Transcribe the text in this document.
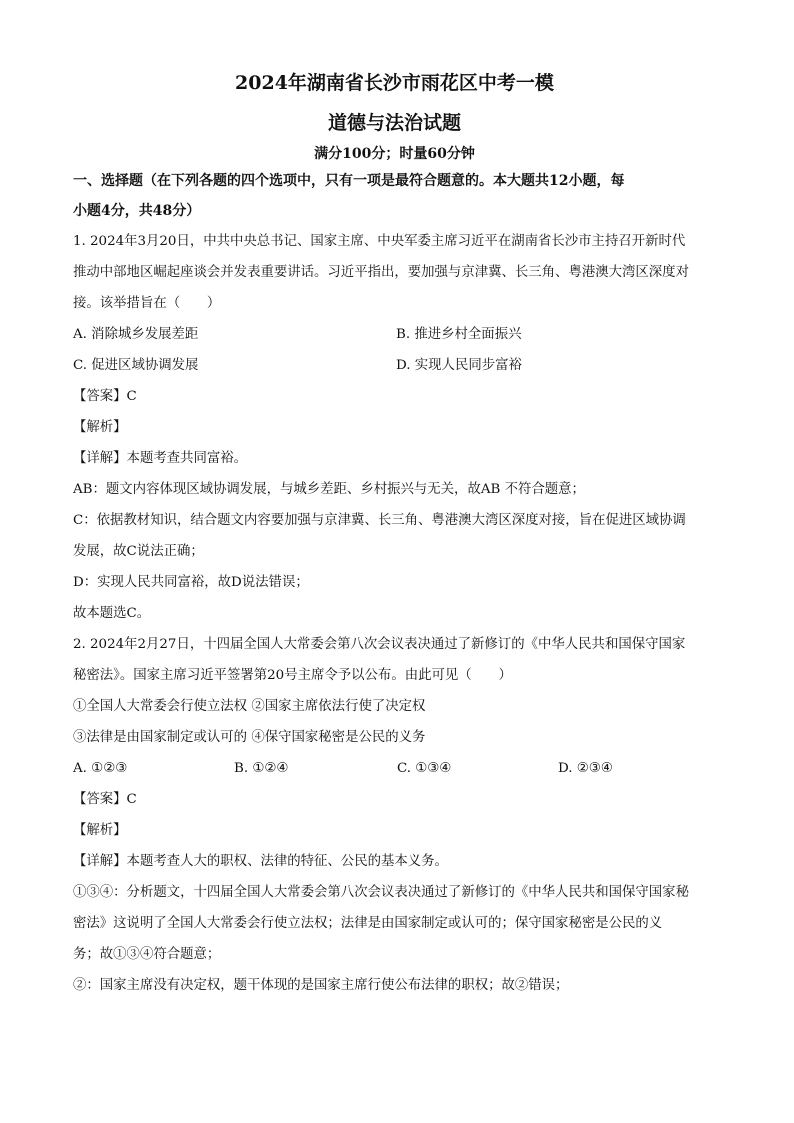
2024年湖南省长沙市雨花区中考一模
道德与法治试题
满分100分；时量60分钟
一、选择题（在下列各题的四个选项中，只有一项是最符合题意的。本大题共12小题，每
小题4分，共48分）
1. 2024年3月20日，中共中央总书记、国家主席、中央军委主席习近平在湖南省长沙市主持召开新时代
推动中部地区崛起座谈会并发表重要讲话。习近平指出，要加强与京津冀、长三角、粤港澳大湾区深度对
接。该举措旨在（　　）
A. 消除城乡发展差距	B. 推进乡村全面振兴
C. 促进区域协调发展	D. 实现人民同步富裕
【答案】C
【解析】
【详解】本题考查共同富裕。
AB：题文内容体现区域协调发展，与城乡差距、乡村振兴与无关，故AB 不符合题意；
C：依据教材知识，结合题文内容要加强与京津冀、长三角、粤港澳大湾区深度对接，旨在促进区域协调
发展，故C说法正确；
D：实现人民共同富裕，故D说法错误；
故本题选C。
2. 2024年2月27日，十四届全国人大常委会第八次会议表决通过了新修订的《中华人民共和国保守国家
秘密法》。国家主席习近平签署第20号主席令予以公布。由此可见（　　）
①全国人大常委会行使立法权 ②国家主席依法行使了决定权
③法律是由国家制定或认可的 ④保守国家秘密是公民的义务
A. ①②③	B. ①②④	C. ①③④	D. ②③④
【答案】C
【解析】
【详解】本题考查人大的职权、法律的特征、公民的基本义务。
①③④：分析题文，十四届全国人大常委会第八次会议表决通过了新修订的《中华人民共和国保守国家秘
密法》这说明了全国人大常委会行使立法权；法律是由国家制定或认可的；保守国家秘密是公民的义
务；故①③④符合题意；
②：国家主席没有决定权，题干体现的是国家主席行使公布法律的职权；故②错误；
